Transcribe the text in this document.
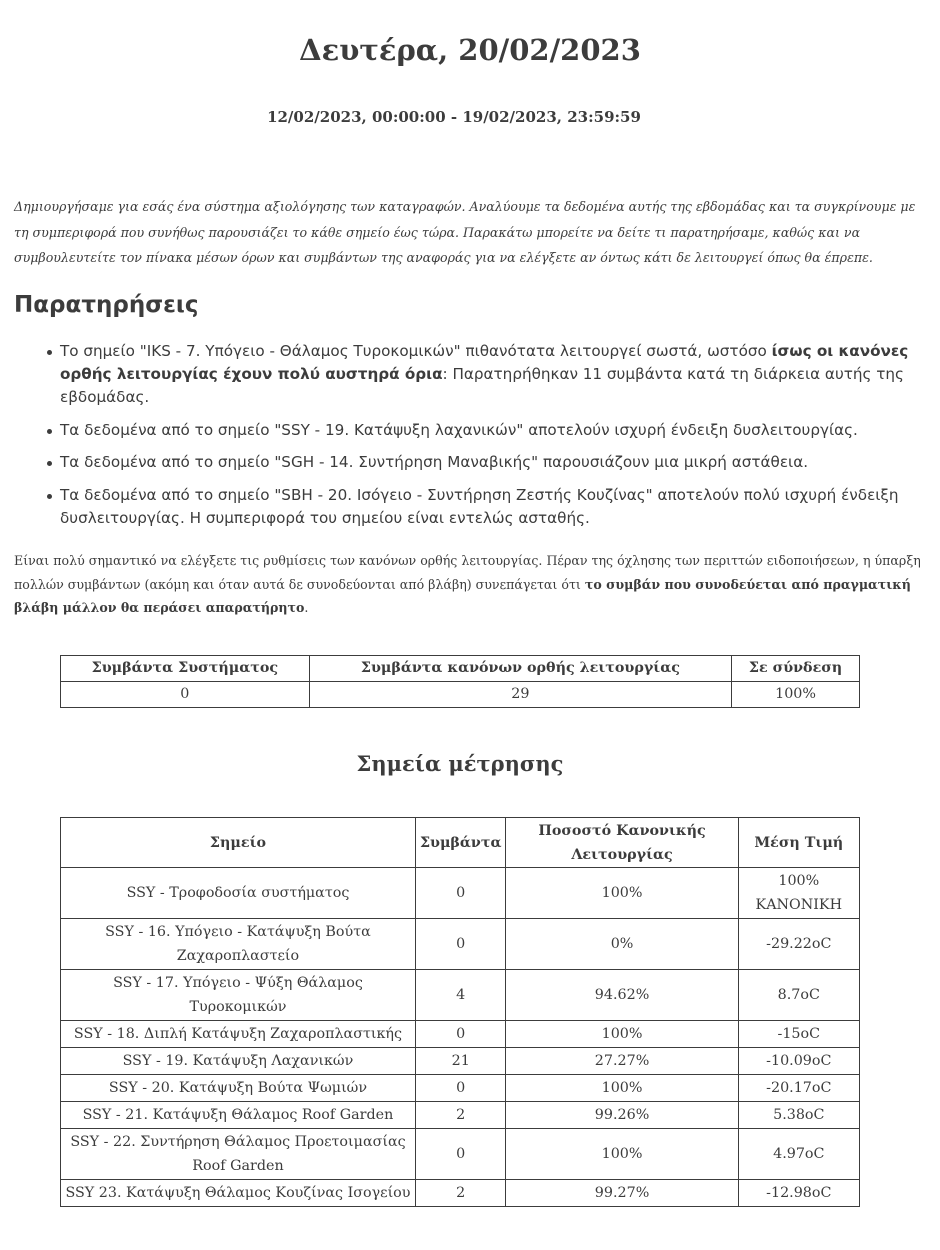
Δευτέρα, 20/02/2023
12/02/2023, 00:00:00 - 19/02/2023, 23:59:59

Δημιουργήσαμε για εσάς ένα σύστημα αξιολόγησης των καταγραφών. Αναλύουμε τα δεδομένα αυτής της εβδομάδας και τα συγκρίνουμε με τη συμπεριφορά που συνήθως παρουσιάζει το κάθε σημείο έως τώρα. Παρακάτω μπορείτε να δείτε τι παρατηρήσαμε, καθώς και να συμβουλευτείτε τον πίνακα μέσων όρων και συμβάντων της αναφοράς για να ελέγξετε αν όντως κάτι δε λειτουργεί όπως θα έπρεπε.

Παρατηρήσεις
Το σημείο "IKS - 7. Υπόγειο - Θάλαμος Τυροκομικών" πιθανότατα λειτουργεί σωστά, ωστόσο ίσως οι κανόνες ορθής λειτουργίας έχουν πολύ αυστηρά όρια: Παρατηρήθηκαν 11 συμβάντα κατά τη διάρκεια αυτής της εβδομάδας.
Τα δεδομένα από το σημείο "SSY - 19. Κατάψυξη λαχανικών" αποτελούν ισχυρή ένδειξη δυσλειτουργίας.
Τα δεδομένα από το σημείο "SGH - 14. Συντήρηση Μαναβικής" παρουσιάζουν μια μικρή αστάθεια.
Τα δεδομένα από το σημείο "SBH - 20. Ισόγειο - Συντήρηση Ζεστής Κουζίνας" αποτελούν πολύ ισχυρή ένδειξη δυσλειτουργίας. Η συμπεριφορά του σημείου είναι εντελώς ασταθής.

Είναι πολύ σημαντικό να ελέγξετε τις ρυθμίσεις των κανόνων ορθής λειτουργίας. Πέραν της όχλησης των περιττών ειδοποιήσεων, η ύπαρξη πολλών συμβάντων (ακόμη και όταν αυτά δε συνοδεύονται από βλάβη) συνεπάγεται ότι το συμβάν που συνοδεύεται από πραγματική βλάβη μάλλον θα περάσει απαρατήρητο.

Συμβάντα Συστήματος	Συμβάντα κανόνων ορθής λειτουργίας	Σε σύνδεση
0	29	100%
Σημεία μέτρησης
Σημείο	Συμβάντα	Ποσοστό Κανονικής Λειτουργίας	Μέση Τιμή
SSY - Τροφοδοσία συστήματος	0	100%	100% ΚΑΝΟΝΙΚΗ
SSY - 16. Υπόγειο - Κατάψυξη Βούτα Ζαχαροπλαστείο	0	0%	-29.22oC
SSY - 17. Υπόγειο - Ψύξη Θάλαμος Τυροκομικών	4	94.62%	8.7oC
SSY - 18. Διπλή Κατάψυξη Ζαχαροπλαστικής	0	100%	-15oC
SSY - 19. Κατάψυξη Λαχανικών	21	27.27%	-10.09oC
SSY - 20. Κατάψυξη Βούτα Ψωμιών	0	100%	-20.17oC
SSY - 21. Κατάψυξη Θάλαμος Roof Garden	2	99.26%	5.38oC
SSY - 22. Συντήρηση Θάλαμος Προετοιμασίας Roof Garden	0	100%	4.97oC
SSY 23. Κατάψυξη Θάλαμος Κουζίνας Ισογείου	2	99.27%	-12.98oC
